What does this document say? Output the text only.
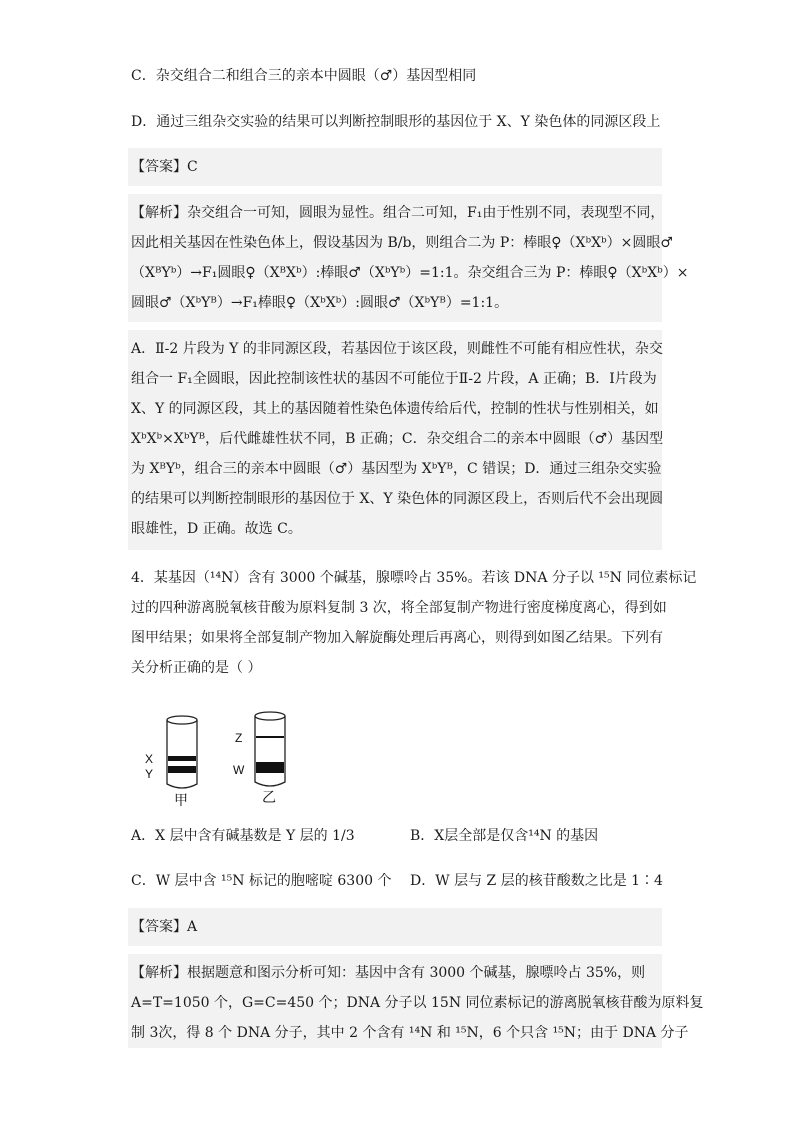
C．杂交组合二和组合三的亲本中圆眼（♂）基因型相同
D．通过三组杂交实验的结果可以判断控制眼形的基因位于 X、Y 染色体的同源区段上
【答案】C
【解析】杂交组合一可知，圆眼为显性。组合二可知，F₁由于性别不同，表现型不同，
因此相关基因在性染色体上，假设基因为 B/b，则组合二为 P：棒眼♀（XᵇXᵇ）×圆眼♂
（XᴮYᵇ）→F₁圆眼♀（XᴮXᵇ）:棒眼♂（XᵇYᵇ）=1:1。杂交组合三为 P：棒眼♀（XᵇXᵇ）×
圆眼♂（XᵇYᴮ）→F₁棒眼♀（XᵇXᵇ）:圆眼♂（XᵇYᴮ）=1:1。
A．Ⅱ-2 片段为 Y 的非同源区段，若基因位于该区段，则雌性不可能有相应性状，杂交
组合一 F₁全圆眼，因此控制该性状的基因不可能位于Ⅱ-2 片段，A 正确；B．Ⅰ片段为
X、Y 的同源区段，其上的基因随着性染色体遗传给后代，控制的性状与性别相关，如
XᵇXᵇ×XᵇYᴮ，后代雌雄性状不同，B 正确；C．杂交组合二的亲本中圆眼（♂）基因型
为 XᴮYᵇ，组合三的亲本中圆眼（♂）基因型为 XᵇYᴮ，C 错误；D．通过三组杂交实验
的结果可以判断控制眼形的基因位于 X、Y 染色体的同源区段上，否则后代不会出现圆
眼雄性，D 正确。故选 C。
4．某基因（¹⁴N）含有 3000 个碱基，腺嘌呤占 35%。若该 DNA 分子以 ¹⁵N 同位素标记
过的四种游离脱氧核苷酸为原料复制 3 次，将全部复制产物进行密度梯度离心，得到如
图甲结果；如果将全部复制产物加入解旋酶处理后再离心，则得到如图乙结果。下列有
关分析正确的是（ ）
X
Y
甲
Z
W
乙
A．X 层中含有碱基数是 Y 层的 1/3	B．X层全部是仅含¹⁴N 的基因
C．W 层中含 ¹⁵N 标记的胞嘧啶 6300 个 D．W 层与 Z 层的核苷酸数之比是 1∶4
【答案】A
【解析】根据题意和图示分析可知：基因中含有 3000 个碱基，腺嘌呤占 35%，则
A=T=1050 个，G=C=450 个；DNA 分子以 15N 同位素标记的游离脱氧核苷酸为原料复
制 3次，得 8 个 DNA 分子，其中 2 个含有 ¹⁴N 和 ¹⁵N，6 个只含 ¹⁵N；由于 DNA 分子
